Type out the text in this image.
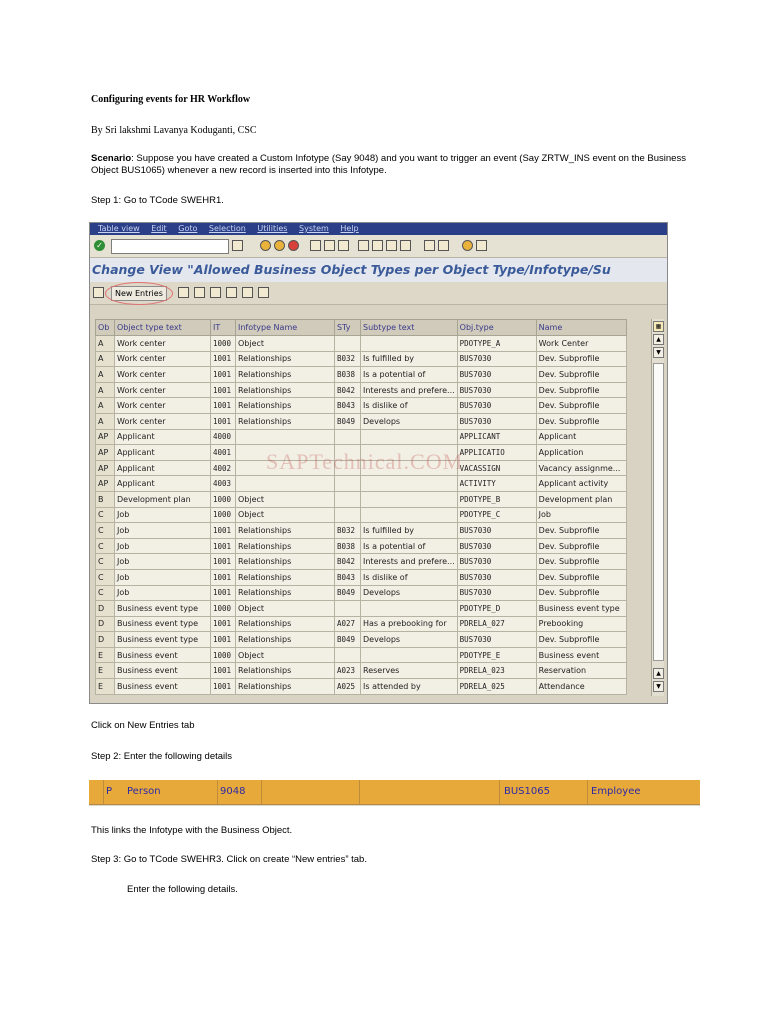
Configuring events for HR Workflow
By Sri lakshmi Lavanya Koduganti, CSC
Scenario: Suppose you have created a Custom Infotype (Say 9048) and you want to trigger an event (Say ZRTW_INS event on the Business Object BUS1065) whenever a new record is inserted into this Infotype.
Step 1: Go to TCode SWEHR1.
Table view Edit Goto Selection Utilities System Help
✓
Change View "Allowed Business Object Types per Object Type/Infotype/Su
New Entries
Ob	Object type text	IT	Infotype Name	STy	Subtype text	Obj.type	Name
A	Work center	1000	Object			PDOTYPE_A	Work Center
A	Work center	1001	Relationships	B032	Is fulfilled by	BUS7030	Dev. Subprofile
A	Work center	1001	Relationships	B038	Is a potential of	BUS7030	Dev. Subprofile
A	Work center	1001	Relationships	B042	Interests and prefere...	BUS7030	Dev. Subprofile
A	Work center	1001	Relationships	B043	Is dislike of	BUS7030	Dev. Subprofile
A	Work center	1001	Relationships	B049	Develops	BUS7030	Dev. Subprofile
AP	Applicant	4000				APPLICANT	Applicant
AP	Applicant	4001				APPLICATIO	Application
AP	Applicant	4002				VACASSIGN	Vacancy assignme...
AP	Applicant	4003				ACTIVITY	Applicant activity
B	Development plan	1000	Object			PDOTYPE_B	Development plan
C	Job	1000	Object			PDOTYPE_C	Job
C	Job	1001	Relationships	B032	Is fulfilled by	BUS7030	Dev. Subprofile
C	Job	1001	Relationships	B038	Is a potential of	BUS7030	Dev. Subprofile
C	Job	1001	Relationships	B042	Interests and prefere...	BUS7030	Dev. Subprofile
C	Job	1001	Relationships	B043	Is dislike of	BUS7030	Dev. Subprofile
C	Job	1001	Relationships	B049	Develops	BUS7030	Dev. Subprofile
D	Business event type	1000	Object			PDOTYPE_D	Business event type
D	Business event type	1001	Relationships	A027	Has a prebooking for	PDRELA_027	Prebooking
D	Business event type	1001	Relationships	B049	Develops	BUS7030	Dev. Subprofile
E	Business event	1000	Object			PDOTYPE_E	Business event
E	Business event	1001	Relationships	A023	Reserves	PDRELA_023	Reservation
E	Business event	1001	Relationships	A025	Is attended by	PDRELA_025	Attendance
SAPTechnical.COM
▦
▲
▼
▲
▼
Click on New Entries tab
Step 2: Enter the following details
P Person	9048	BUS1065	Employee
This links the Infotype with the Business Object.
Step 3: Go to TCode SWEHR3. Click on create “New entries” tab.
Enter the following details.
